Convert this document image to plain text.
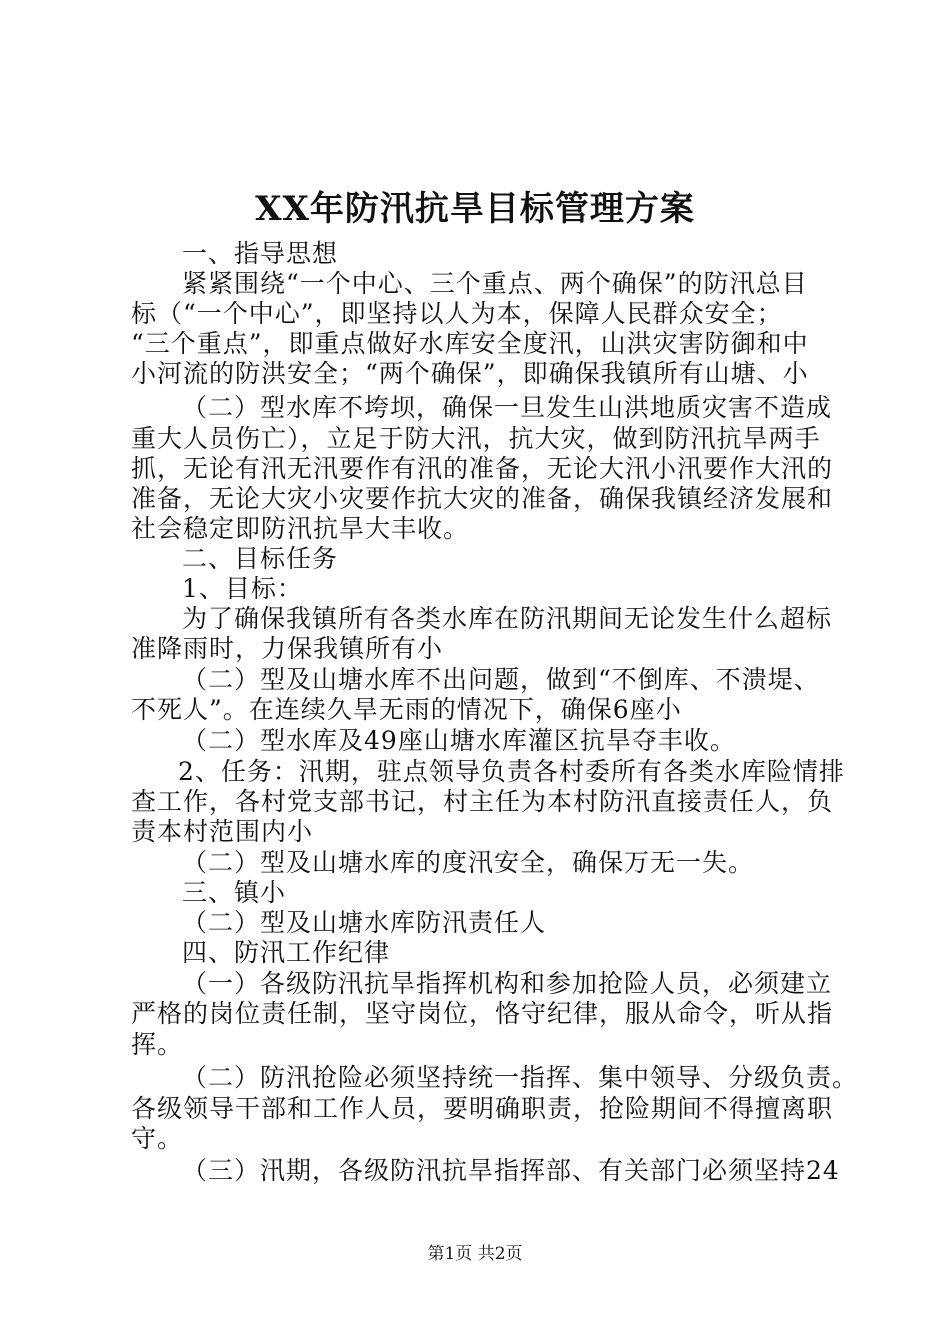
XX年防汛抗旱目标管理方案
一、指导思想
紧紧围绕“一个中心、三个重点、两个确保”的防汛总目
标（“一个中心”，即坚持以人为本，保障人民群众安全；
“三个重点”，即重点做好水库安全度汛，山洪灾害防御和中
小河流的防洪安全；“两个确保”，即确保我镇所有山塘、小
（二）型水库不垮坝，确保一旦发生山洪地质灾害不造成
重大人员伤亡），立足于防大汛，抗大灾，做到防汛抗旱两手
抓，无论有汛无汛要作有汛的准备，无论大汛小汛要作大汛的
准备，无论大灾小灾要作抗大灾的准备，确保我镇经济发展和
社会稳定即防汛抗旱大丰收。
二、目标任务
1、目标：
为了确保我镇所有各类水库在防汛期间无论发生什么超标
准降雨时，力保我镇所有小
（二）型及山塘水库不出问题，做到“不倒库、不溃堤、
不死人”。在连续久旱无雨的情况下，确保6座小
（二）型水库及49座山塘水库灌区抗旱夺丰收。
2、任务：汛期，驻点领导负责各村委所有各类水库险情排
查工作，各村党支部书记，村主任为本村防汛直接责任人，负
责本村范围内小
（二）型及山塘水库的度汛安全，确保万无一失。
三、镇小
（二）型及山塘水库防汛责任人
四、防汛工作纪律
（一）各级防汛抗旱指挥机构和参加抢险人员，必须建立
严格的岗位责任制，坚守岗位，恪守纪律，服从命令，听从指
挥。
（二）防汛抢险必须坚持统一指挥、集中领导、分级负责。
各级领导干部和工作人员，要明确职责，抢险期间不得擅离职
守。
（三）汛期，各级防汛抗旱指挥部、有关部门必须坚持24
第1页 共2页
